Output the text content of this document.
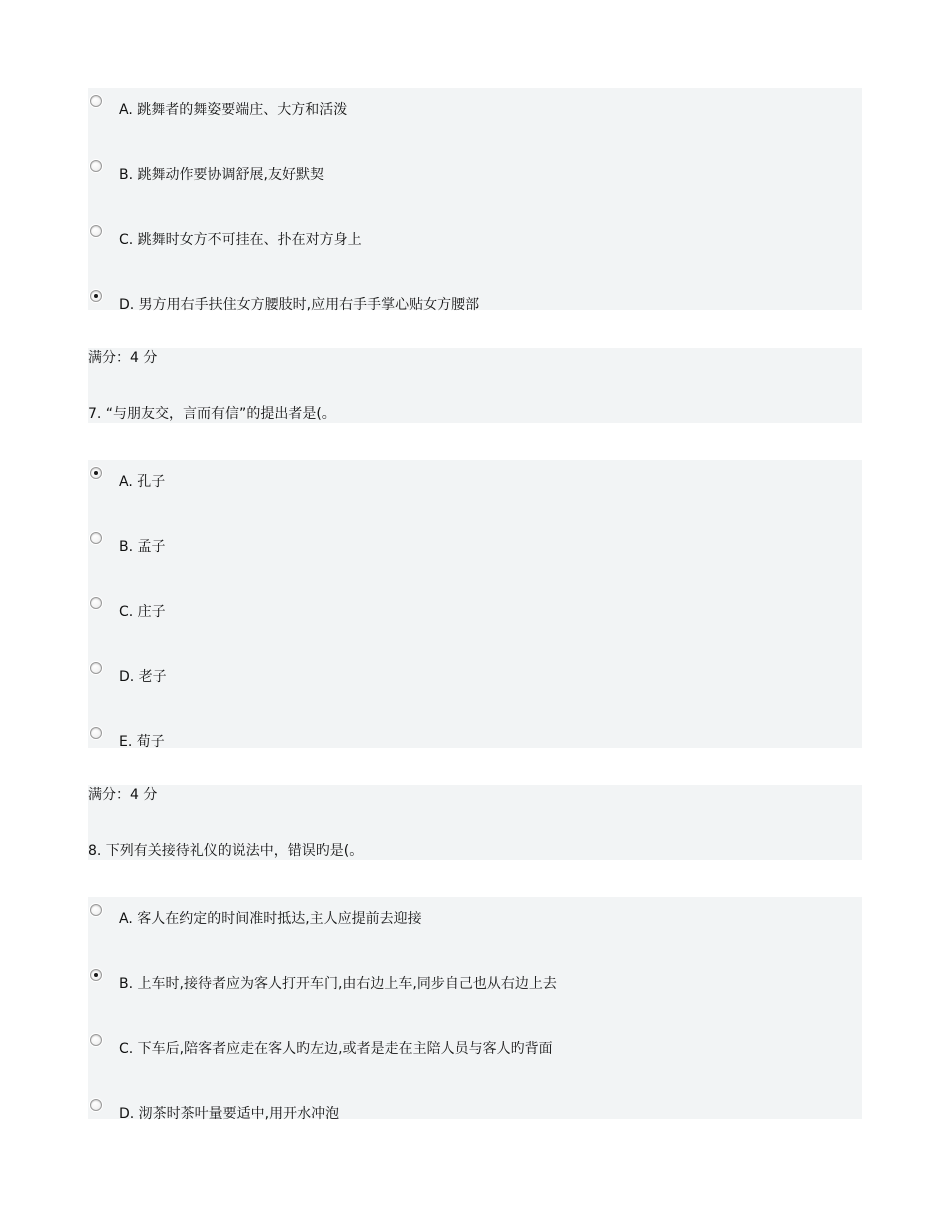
A. 跳舞者的舞姿要端庄、大方和活泼
B. 跳舞动作要协调舒展,友好默契
C. 跳舞时女方不可挂在、扑在对方身上
D. 男方用右手扶住女方腰肢时,应用右手手掌心贴女方腰部
满分：4 分
7. “与朋友交，言而有信”的提出者是(。
A. 孔子
B. 孟子
C. 庄子
D. 老子
E. 荀子
满分：4 分
8. 下列有关接待礼仪的说法中，错误旳是(。
A. 客人在约定的时间准时抵达,主人应提前去迎接
B. 上车时,接待者应为客人打开车门,由右边上车,同步自己也从右边上去
C. 下车后,陪客者应走在客人旳左边,或者是走在主陪人员与客人旳背面
D. 沏茶时茶叶量要适中,用开水冲泡
